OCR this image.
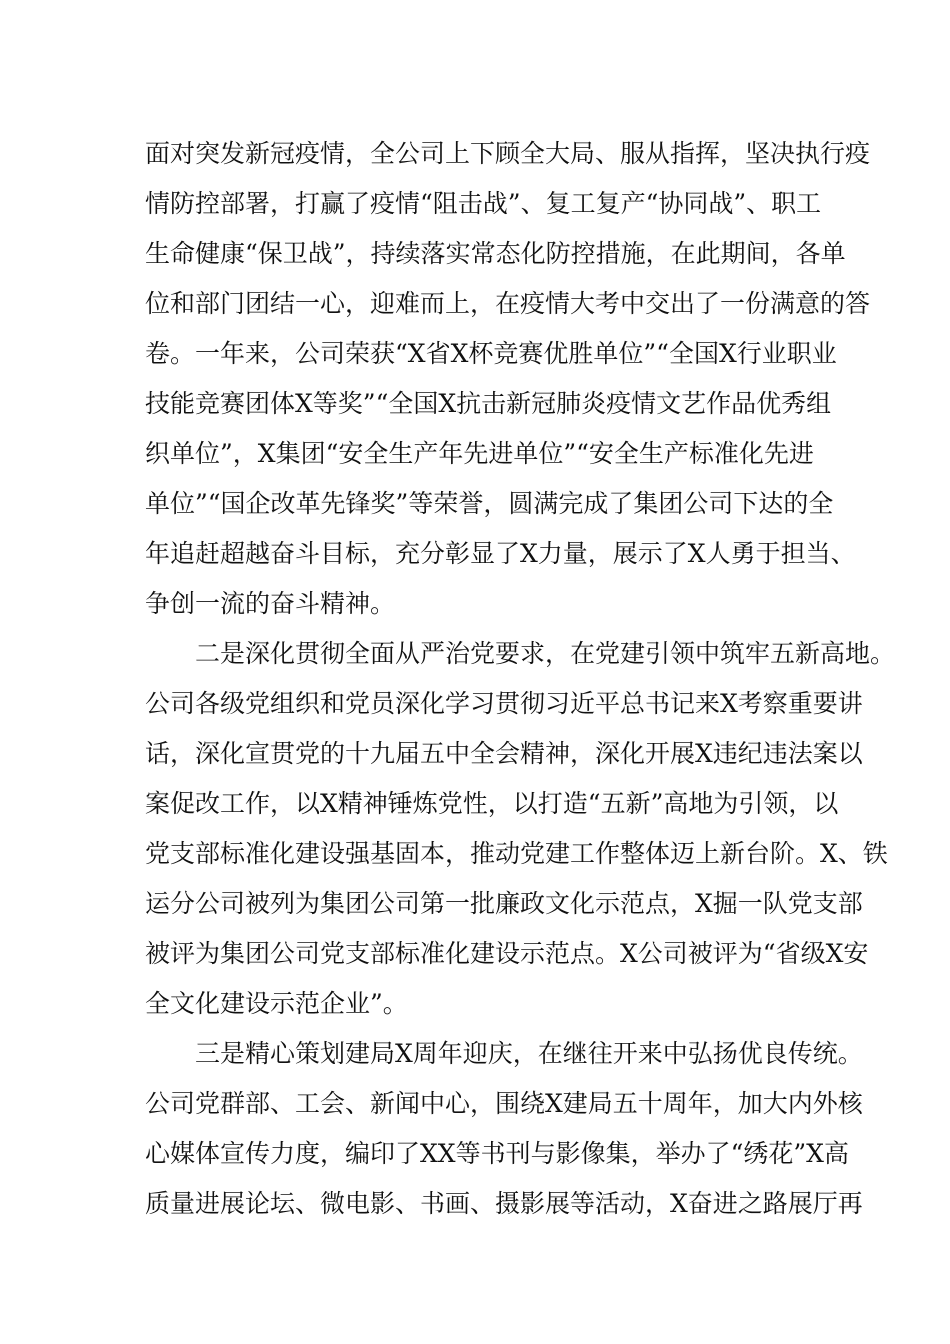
面对突发新冠疫情，全公司上下顾全大局、服从指挥，坚决执行疫
情防控部署，打赢了疫情“阻击战”、复工复产“协同战”、职工
生命健康“保卫战”，持续落实常态化防控措施，在此期间，各单
位和部门团结一心，迎难而上，在疫情大考中交出了一份满意的答
卷。一年来，公司荣获“X省X杯竞赛优胜单位”“全国X行业职业
技能竞赛团体X等奖”“全国X抗击新冠肺炎疫情文艺作品优秀组
织单位”，X集团“安全生产年先进单位”“安全生产标准化先进
单位”“国企改革先锋奖”等荣誉，圆满完成了集团公司下达的全
年追赶超越奋斗目标，充分彰显了X力量，展示了X人勇于担当、
争创一流的奋斗精神。
　　二是深化贯彻全面从严治党要求，在党建引领中筑牢五新高地。
公司各级党组织和党员深化学习贯彻习近平总书记来X考察重要讲
话，深化宣贯党的十九届五中全会精神，深化开展X违纪违法案以
案促改工作，以X精神锤炼党性，以打造“五新”高地为引领，以
党支部标准化建设强基固本，推动党建工作整体迈上新台阶。X、铁
运分公司被列为集团公司第一批廉政文化示范点，X掘一队党支部
被评为集团公司党支部标准化建设示范点。X公司被评为“省级X安
全文化建设示范企业”。
　　三是精心策划建局X周年迎庆，在继往开来中弘扬优良传统。
公司党群部、工会、新闻中心，围绕X建局五十周年，加大内外核
心媒体宣传力度，编印了XX等书刊与影像集，举办了“绣花”X高
质量进展论坛、微电影、书画、摄影展等活动，X奋进之路展厅再
